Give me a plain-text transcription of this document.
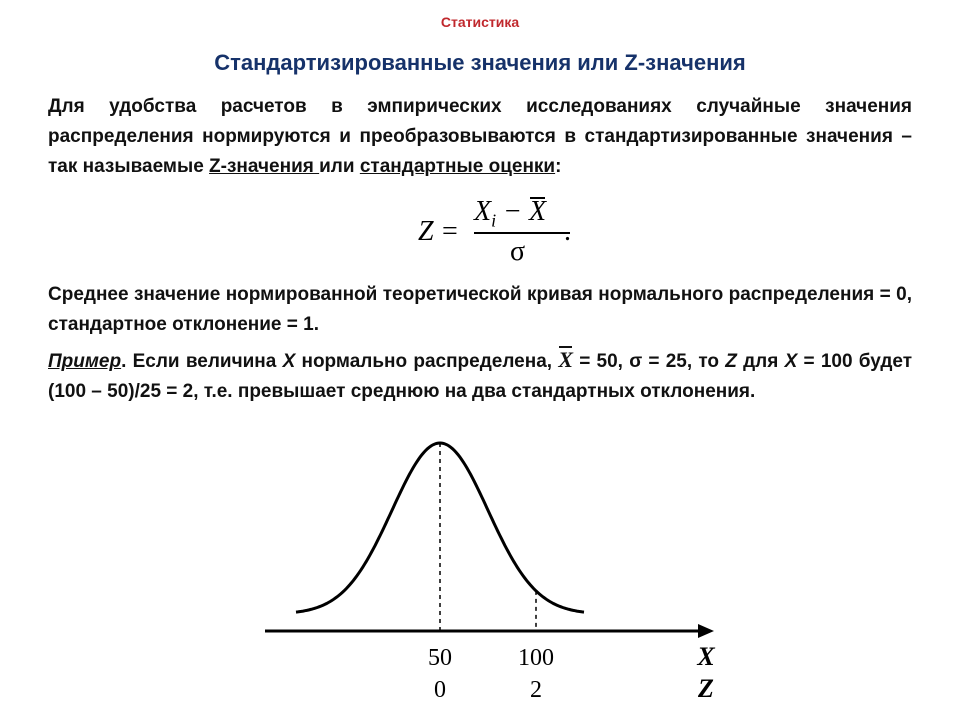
Статистика
Стандартизированные значения или Z-значения
Для удобства расчетов в эмпирических исследованиях случайные значения распределения нормируются и преобразовываются в стандартизированные значения – так называемые Z-значения или стандартные оценки:
Z =
$X_i - X$
σ
.
Среднее значение нормированной теоретической кривая нормального распределения = 0, стандартное отклонение = 1.
Пример. Если величина X нормально распределена, X = 50, σ = 25, то Z для X = 100 будет (100 – 50)/25 = 2, т.е. превышает среднюю на два стандартных отклонения.
50	100
0	2
X
Z
